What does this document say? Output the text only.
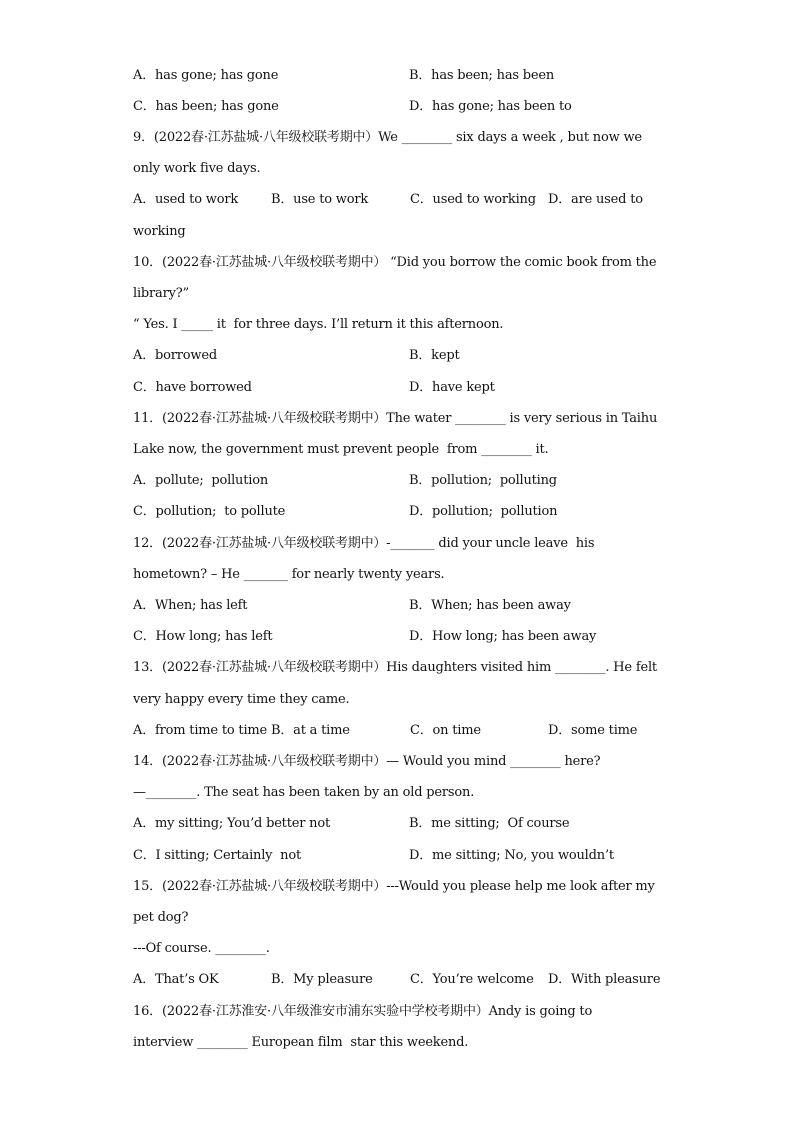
A．has gone; has gone	B．has been; has been
C．has been; has gone	D．has gone; has been to
9．(2022春·江苏盐城·八年级校联考期中）We ________ six days a week , but now we
only work five days.
A．used to work	B．use to work	C．used to working D．are used to
working
10．(2022春·江苏盐城·八年级校联考期中） “Did you borrow the comic book from the
library?”
“ Yes. I _____ it  for three days. I’ll return it this afternoon.
A．borrowed	B．kept
C．have borrowed	D．have kept
11．(2022春·江苏盐城·八年级校联考期中）The water ________ is very serious in Taihu
Lake now, the government must prevent people  from ________ it.
A．pollute;  pollution	B．pollution;  polluting
C．pollution;  to pollute	D．pollution;  pollution
12．(2022春·江苏盐城·八年级校联考期中）-_______ did your uncle leave  his
hometown? – He _______ for nearly twenty years.
A．When; has left	B．When; has been away
C．How long; has left	D．How long; has been away
13．(2022春·江苏盐城·八年级校联考期中）His daughters visited him ________. He felt
very happy every time they came.
A．from time to time B．at a time	C．on time	D．some time
14．(2022春·江苏盐城·八年级校联考期中）— Would you mind ________ here?
—________. The seat has been taken by an old person.
A．my sitting; You’d better not	B．me sitting;  Of course
C．I sitting; Certainly  not	D．me sitting; No, you wouldn’t
15．(2022春·江苏盐城·八年级校联考期中）---Would you please help me look after my
pet dog?
---Of course. ________.
A．That’s OK	B．My pleasure	C．You’re welcome D．With pleasure
16．(2022春·江苏淮安·八年级淮安市浦东实验中学校考期中）Andy is going to
interview ________ European film  star this weekend.
